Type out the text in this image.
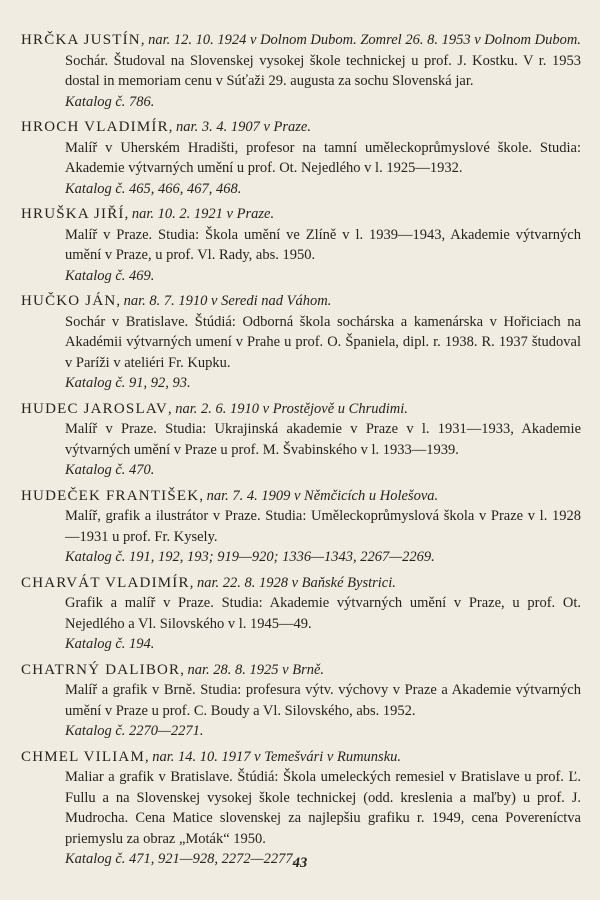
HRČKA JUSTÍN, nar. 12. 10. 1924 v Dolnom Dubom. Zomrel 26. 8. 1953 v Dolnom Dubom.

Sochár. Študoval na Slovenskej vysokej škole technickej u prof. J. Kostku. V r. 1953 dostal in memoriam cenu v Súťaži 29. augusta za sochu Slovenská jar.
Katalog č. 786.

HROCH VLADIMÍR, nar. 3. 4. 1907 v Praze.

Malíř v Uherském Hradišti, profesor na tamní uměleckoprůmyslové škole. Studia: Akademie výtvarných umění u prof. Ot. Nejedlého v l. 1925—1932.
Katalog č. 465, 466, 467, 468.

HRUŠKA JIŘÍ, nar. 10. 2. 1921 v Praze.

Malíř v Praze. Studia: Škola umění ve Zlíně v l. 1939—1943, Akademie výtvarných umění v Praze, u prof. Vl. Rady, abs. 1950.
Katalog č. 469.

HUČKO JÁN, nar. 8. 7. 1910 v Seredi nad Váhom.

Sochár v Bratislave. Štúdiá: Odborná škola sochárska a kamenárska v Hořiciach na Akadémii výtvarných umení v Prahe u prof. O. Španiela, dipl. r. 1938. R. 1937 študoval v Paríži v ateliéri Fr. Kupku.
Katalog č. 91, 92, 93.

HUDEC JAROSLAV, nar. 2. 6. 1910 v Prostějově u Chrudimi.

Malíř v Praze. Studia: Ukrajinská akademie v Praze v l. 1931—1933, Akademie výtvarných umění v Praze u prof. M. Švabinského v l. 1933—1939.
Katalog č. 470.

HUDEČEK FRANTIŠEK, nar. 7. 4. 1909 v Němčicích u Holešova.

Malíř, grafik a ilustrátor v Praze. Studia: Uměleckoprůmyslová škola v Praze v l. 1928—1931 u prof. Fr. Kysely.
Katalog č. 191, 192, 193; 919—920; 1336—1343, 2267—2269.

CHARVÁT VLADIMÍR, nar. 22. 8. 1928 v Baňské Bystrici.

Grafik a malíř v Praze. Studia: Akademie výtvarných umění v Praze, u prof. Ot. Nejedlého a Vl. Silovského v l. 1945—49.
Katalog č. 194.

CHATRNÝ DALIBOR, nar. 28. 8. 1925 v Brně.

Malíř a grafik v Brně. Studia: profesura výtv. výchovy v Praze a Akademie výtvarných umění v Praze u prof. C. Boudy a Vl. Silovského, abs. 1952.
Katalog č. 2270—2271.

CHMEL VILIAM, nar. 14. 10. 1917 v Temešvári v Rumunsku.

Maliar a grafik v Bratislave. Štúdiá: Škola umeleckých remesiel v Bratislave u prof. Ľ. Fullu a na Slovenskej vysokej škole technickej (odd. kreslenia a maľby) u prof. J. Mudrocha. Cena Matice slovenskej za najlepšiu grafiku r. 1949, cena Povereníctva priemyslu za obraz „Moták“ 1950.
Katalog č. 471, 921—928, 2272—2277.

43
